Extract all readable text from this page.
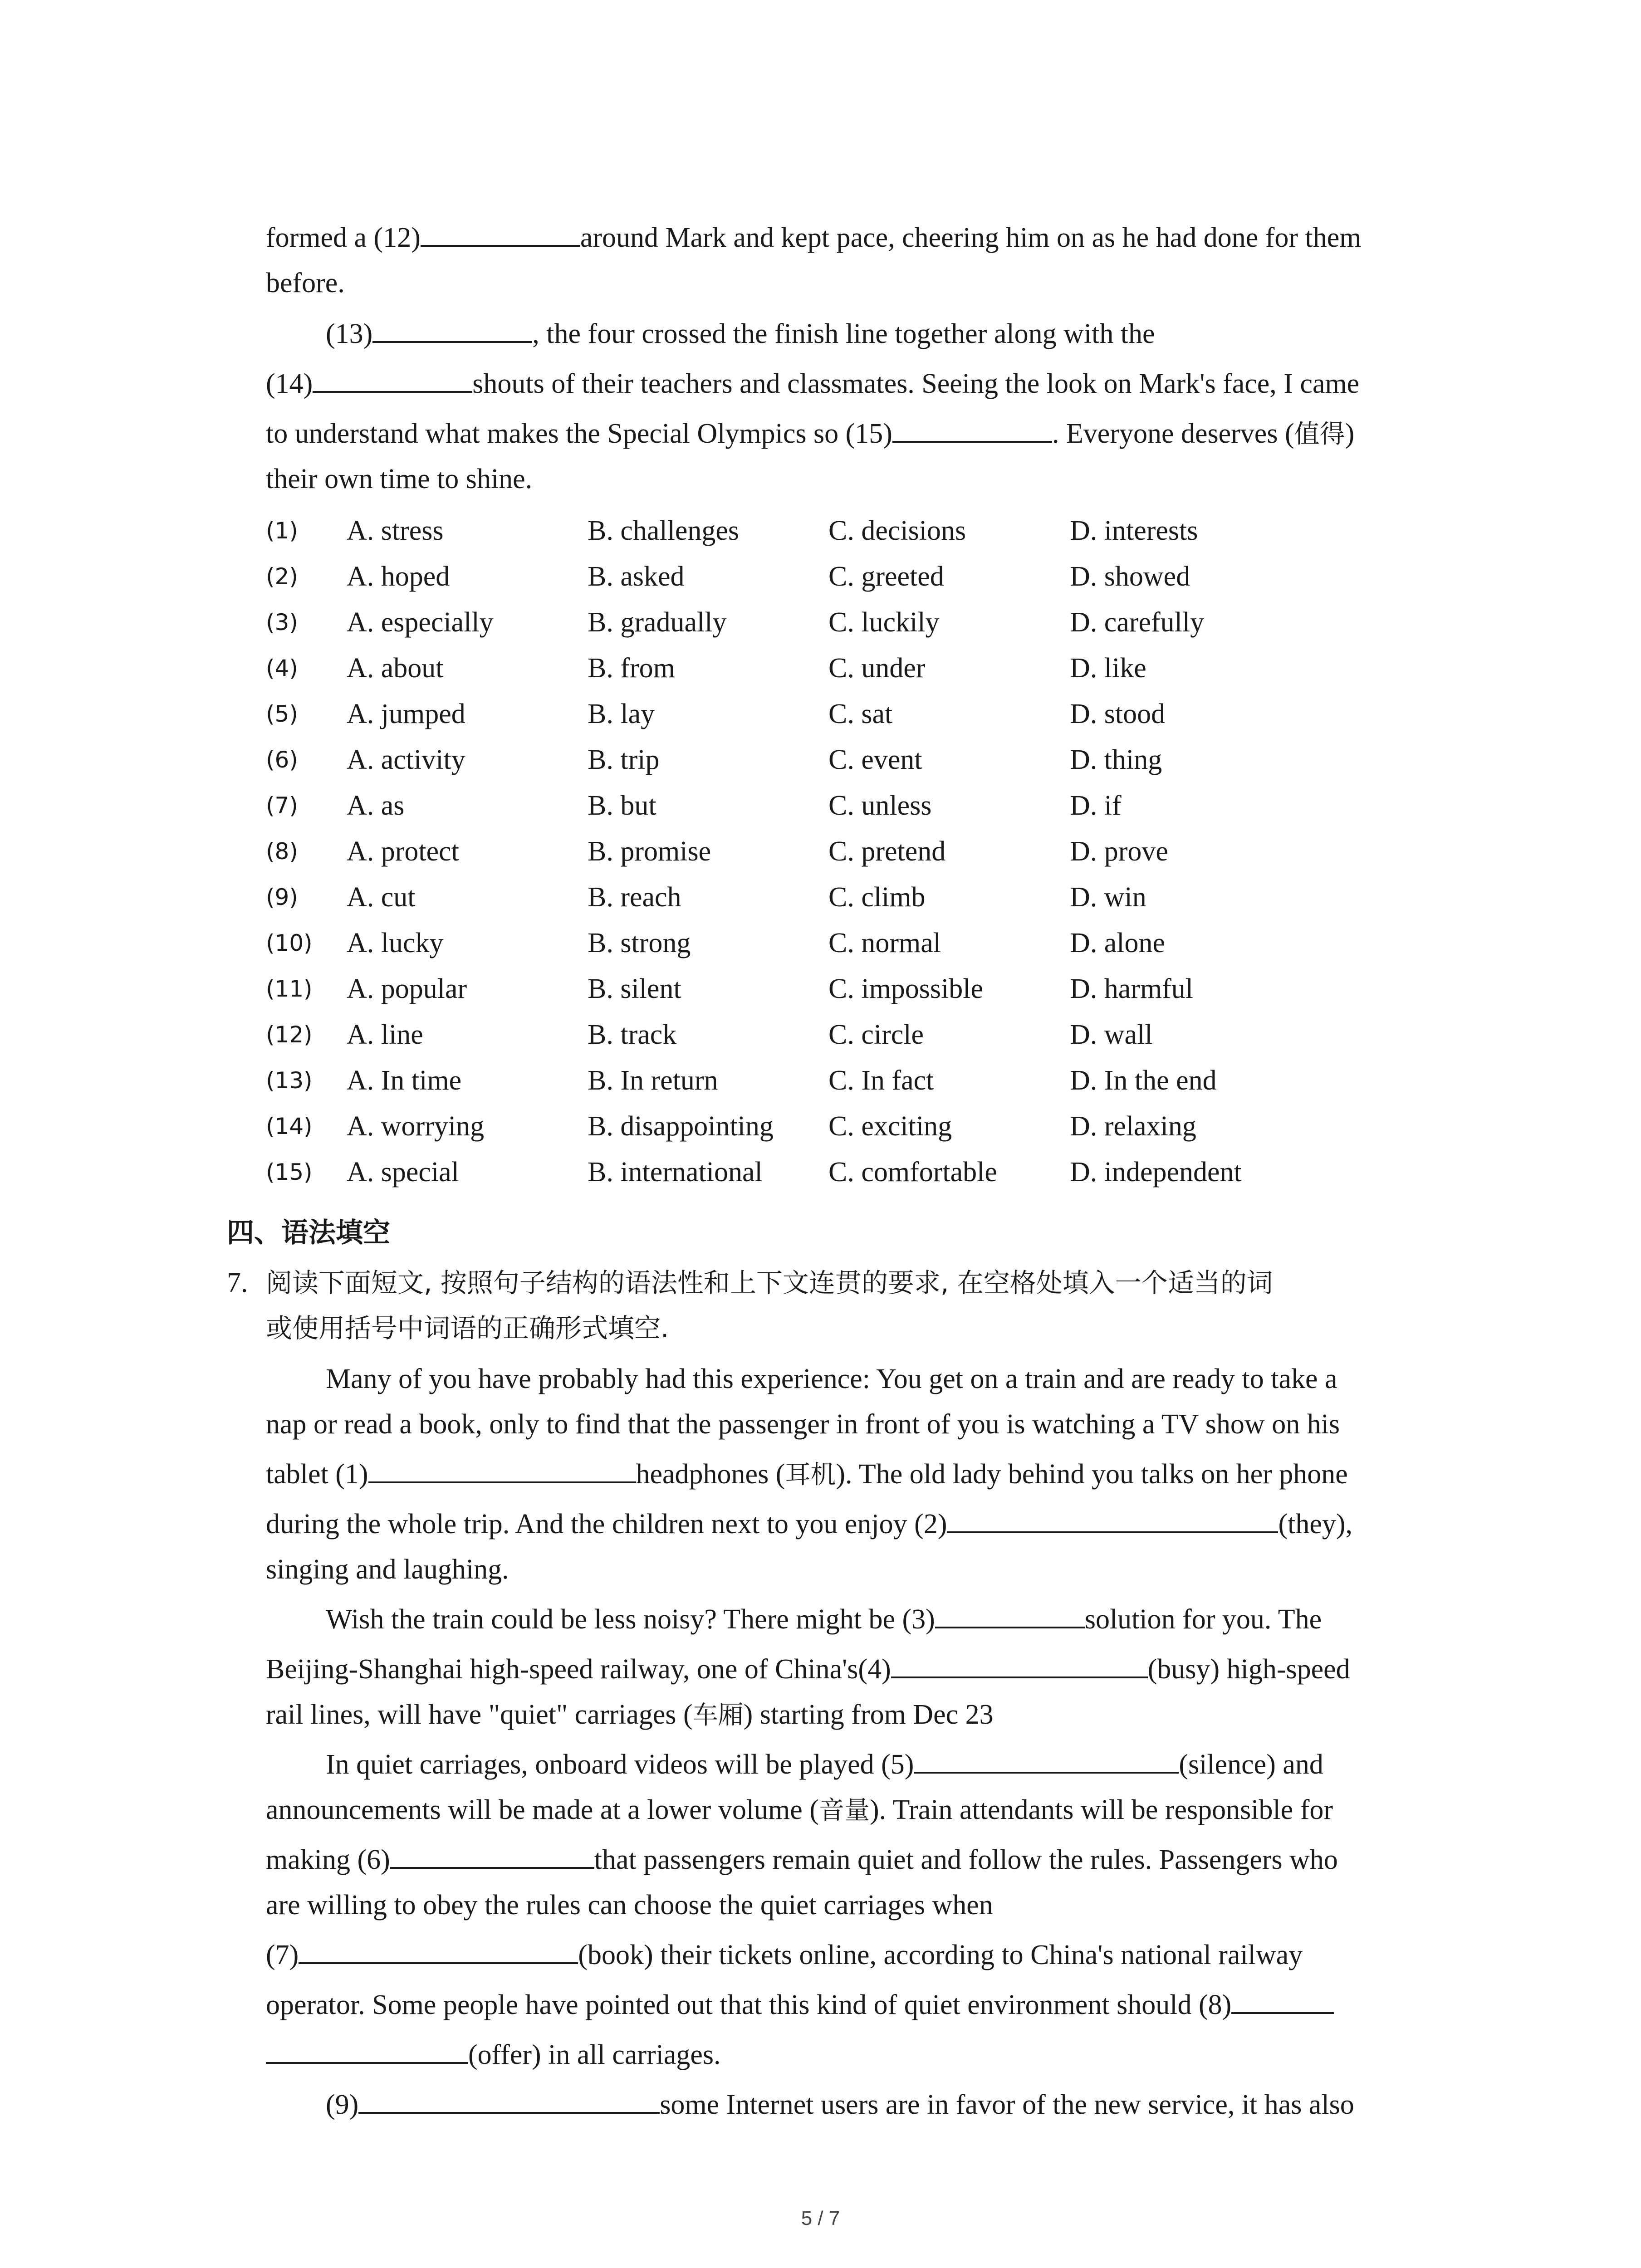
formed a (12)	around Mark and kept pace, cheering him on as he had done for them
before.
(13)	, the four crossed the finish line together along with the
(14)	shouts of their teachers and classmates. Seeing the look on Mark's face, I came
to understand what makes the Special Olympics so (15)	. Everyone deserves (值得)
their own time to shine.
(1) A. stress	B. challenges	C. decisions	D. interests
(2) A. hoped	B. asked	C. greeted	D. showed
(3) A. especially	B. gradually	C. luckily	D. carefully
(4) A. about	B. from	C. under	D. like
(5) A. jumped	B. lay	C. sat	D. stood
(6) A. activity	B. trip	C. event	D. thing
(7) A. as	B. but	C. unless	D. if
(8) A. protect	B. promise	C. pretend	D. prove
(9) A. cut	B. reach	C. climb	D. win
(10) A. lucky	B. strong	C. normal	D. alone
(11) A. popular	B. silent	C. impossible	D. harmful
(12) A. line	B. track	C. circle	D. wall
(13) A. In time	B. In return	C. In fact	D. In the end
(14) A. worrying	B. disappointing C. exciting	D. relaxing
(15) A. special	B. international C. comfortable	D. independent
四、语法填空
7. 阅读下面短文, 按照句子结构的语法性和上下文连贯的要求, 在空格处填入一个适当的词
或使用括号中词语的正确形式填空.
Many of you have probably had this experience: You get on a train and are ready to take a
nap or read a book, only to find that the passenger in front of you is watching a TV show on his
tablet (1)	headphones (耳机). The old lady behind you talks on her phone
during the whole trip. And the children next to you enjoy (2)	(they),
singing and laughing.
Wish the train could be less noisy? There might be (3)	solution for you. The
Beijing-Shanghai high-speed railway, one of China's(4)	(busy) high-speed
rail lines, will have "quiet" carriages (车厢) starting from Dec 23
In quiet carriages, onboard videos will be played (5)	(silence) and
announcements will be made at a lower volume (音量). Train attendants will be responsible for
making (6)	that passengers remain quiet and follow the rules. Passengers who
are willing to obey the rules can choose the quiet carriages when
(7)	(book) their tickets online, according to China's national railway
operator. Some people have pointed out that this kind of quiet environment should (8)
(offer) in all carriages.
(9)	some Internet users are in favor of the new service, it has also
5 / 7
